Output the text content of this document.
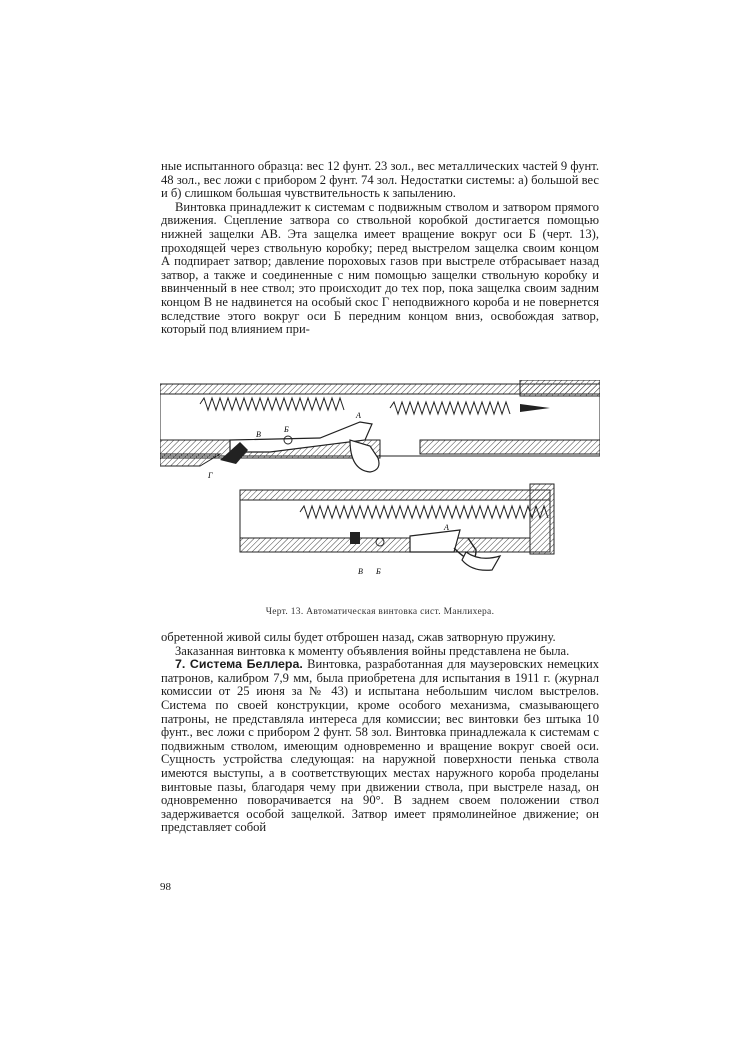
ные испытанного образца: вес 12 фунт. 23 зол., вес металлических частей 9 фунт. 48 зол., вес ложи с прибором 2 фунт. 74 зол. Недостатки системы: а) большой вес и б) слишком большая чувствительность к запылению.

Винтовка принадлежит к системам с подвижным стволом и затвором прямого движения. Сцепление затвора со ствольной коробкой достигается помощью нижней защелки АВ. Эта защелка имеет вращение вокруг оси Б (черт. 13), проходящей через ствольную коробку; перед выстрелом защелка своим концом А подпирает затвор; давление пороховых газов при выстреле отбрасывает назад затвор, а также и соединенные с ним помощью защелки ствольную коробку и ввинченный в нее ствол; это происходит до тех пор, пока защелка своим задним концом В не надвинется на особый скос Г неподвижного короба и не повернется вследствие этого вокруг оси Б передним концом вниз, освобождая затвор, который под влиянием при-

В
Б
А
Г
В Б
А
Черт. 13. Автоматическая винтовка сист. Манлихера.

обретенной живой силы будет отброшен назад, сжав затворную пружину.

Заказанная винтовка к моменту объявления войны представлена не была.

7. Система Беллера. Винтовка, разработанная для маузеровских немецких патронов, калибром 7,9 мм, была приобретена для испытания в 1911 г. (журнал комиссии от 25 июня за № 43) и испытана небольшим числом выстрелов. Система по своей конструкции, кроме особого механизма, смазывающего патроны, не представляла интереса для комиссии; вес винтовки без штыка 10 фунт., вес ложи с прибором 2 фунт. 58 зол. Винтовка принадлежала к системам с подвижным стволом, имеющим одновременно и вращение вокруг своей оси. Сущность устройства следующая: на наружной поверхности пенька ствола имеются выступы, а в соответствующих местах наружного короба проделаны винтовые пазы, благодаря чему при движении ствола, при выстреле назад, он одновременно поворачивается на 90°. В заднем своем положении ствол задерживается особой защелкой. Затвор имеет прямолинейное движение; он представляет собой

98
